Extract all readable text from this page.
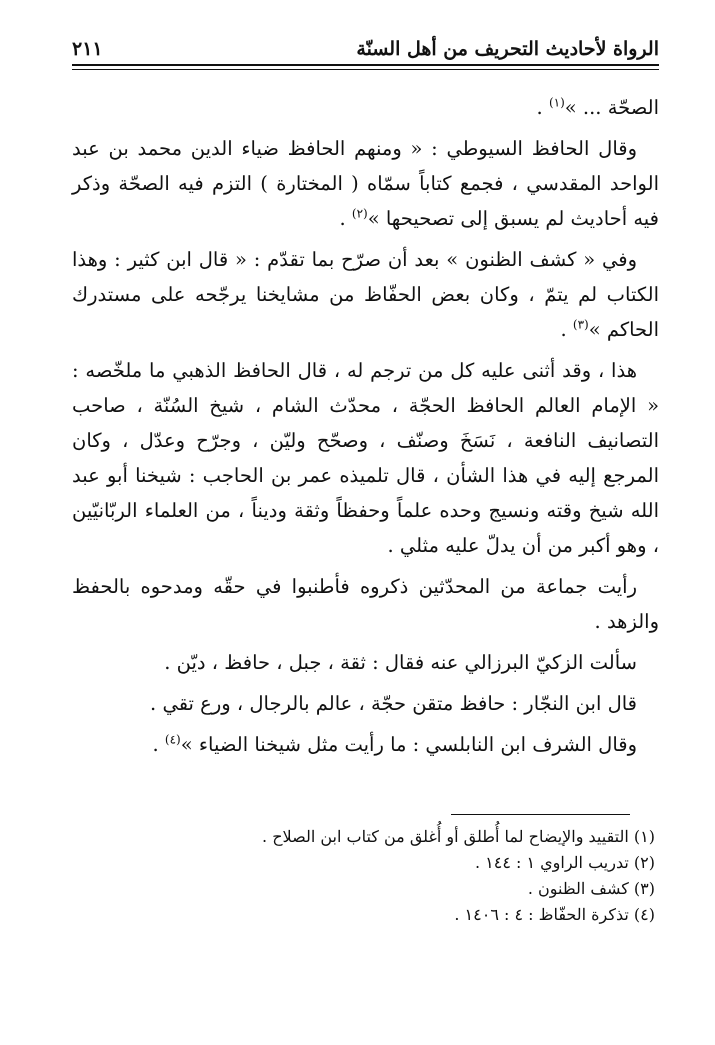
الرواة لأحاديث التحريف من أهل السنّة
٢١١

الصحّة ... »$^{(١)}$ .

وقال الحافظ السيوطي : « ومنهم الحافظ ضياء الدين محمد بن عبد الواحد المقدسي ، فجمع كتاباً سمّاه ( المختارة ) التزم فيه الصحّة وذكر فيه أحاديث لم يسبق إلى تصحيحها »$^{(٢)}$ .

وفي « كشف الظنون » بعد أن صرّح بما تقدّم : « قال ابن كثير : وهذا الكتاب لم يتمّ ، وكان بعض الحفّاظ من مشايخنا يرجّحه على مستدرك الحاكم »$^{(٣)}$ .

هذا ، وقد أثنى عليه كل من ترجم له ، قال الحافظ الذهبي ما ملخّصه : « الإمام العالم الحافظ الحجّة ، محدّث الشام ، شيخ السُنّة ، صاحب التصانيف النافعة ، نَسَخَ وصنّف ، وصحّح وليّن ، وجرّح وعدّل ، وكان المرجع إليه في هذا الشأن ، قال تلميذه عمر بن الحاجب : شيخنا أبو عبد الله شيخ وقته ونسيج وحده علماً وحفظاً وثقة وديناً ، من العلماء الربّانيّين ، وهو أكبر من أن يدلّ عليه مثلي .

رأيت جماعة من المحدّثين ذكروه فأطنبوا في حقّه ومدحوه بالحفظ والزهد .

سألت الزكيّ البرزالي عنه فقال : ثقة ، جبل ، حافظ ، ديّن .

قال ابن النجّار : حافظ متقن حجّة ، عالم بالرجال ، ورع تقي .

وقال الشرف ابن النابلسي : ما رأيت مثل شيخنا الضياء »$^{(٤)}$ .

(١) التقييد والإيضاح لما أُطلق أو أُغلق من كتاب ابن الصلاح .
(٢) تدريب الراوي ١ : ١٤٤ .
(٣) كشف الظنون .
(٤) تذكرة الحفّاظ : ٤ : ١٤٠٦ .
